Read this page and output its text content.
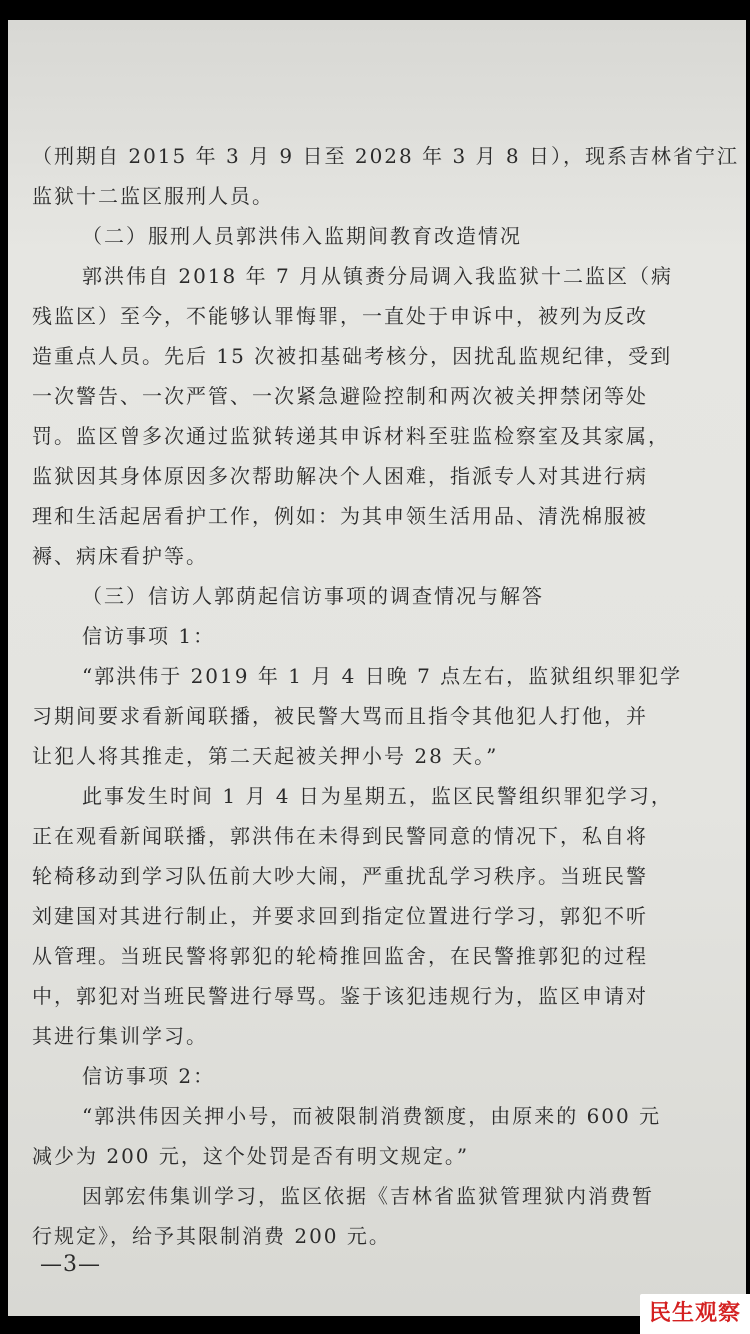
（刑期自 2015 年 3 月 9 日至 2028 年 3 月 8 日），现系吉林省宁江
监狱十二监区服刑人员。
（二）服刑人员郭洪伟入监期间教育改造情况
郭洪伟自 2018 年 7 月从镇赉分局调入我监狱十二监区（病
残监区）至今，不能够认罪悔罪，一直处于申诉中，被列为反改
造重点人员。先后 15 次被扣基础考核分，因扰乱监规纪律，受到
一次警告、一次严管、一次紧急避险控制和两次被关押禁闭等处
罚。监区曾多次通过监狱转递其申诉材料至驻监检察室及其家属，
监狱因其身体原因多次帮助解决个人困难，指派专人对其进行病
理和生活起居看护工作，例如：为其申领生活用品、清洗棉服被
褥、病床看护等。
（三）信访人郭荫起信访事项的调查情况与解答
信访事项 1：
“郭洪伟于 2019 年 1 月 4 日晚 7 点左右，监狱组织罪犯学
习期间要求看新闻联播，被民警大骂而且指令其他犯人打他，并
让犯人将其推走，第二天起被关押小号 28 天。”
此事发生时间 1 月 4 日为星期五，监区民警组织罪犯学习，
正在观看新闻联播，郭洪伟在未得到民警同意的情况下，私自将
轮椅移动到学习队伍前大吵大闹，严重扰乱学习秩序。当班民警
刘建国对其进行制止，并要求回到指定位置进行学习，郭犯不听
从管理。当班民警将郭犯的轮椅推回监舍，在民警推郭犯的过程
中，郭犯对当班民警进行辱骂。鉴于该犯违规行为，监区申请对
其进行集训学习。
信访事项 2：
“郭洪伟因关押小号，而被限制消费额度，由原来的 600 元
减少为 200 元，这个处罚是否有明文规定。”
因郭宏伟集训学习，监区依据《吉林省监狱管理狱内消费暂
行规定》，给予其限制消费 200 元。
—3—
民生观察
